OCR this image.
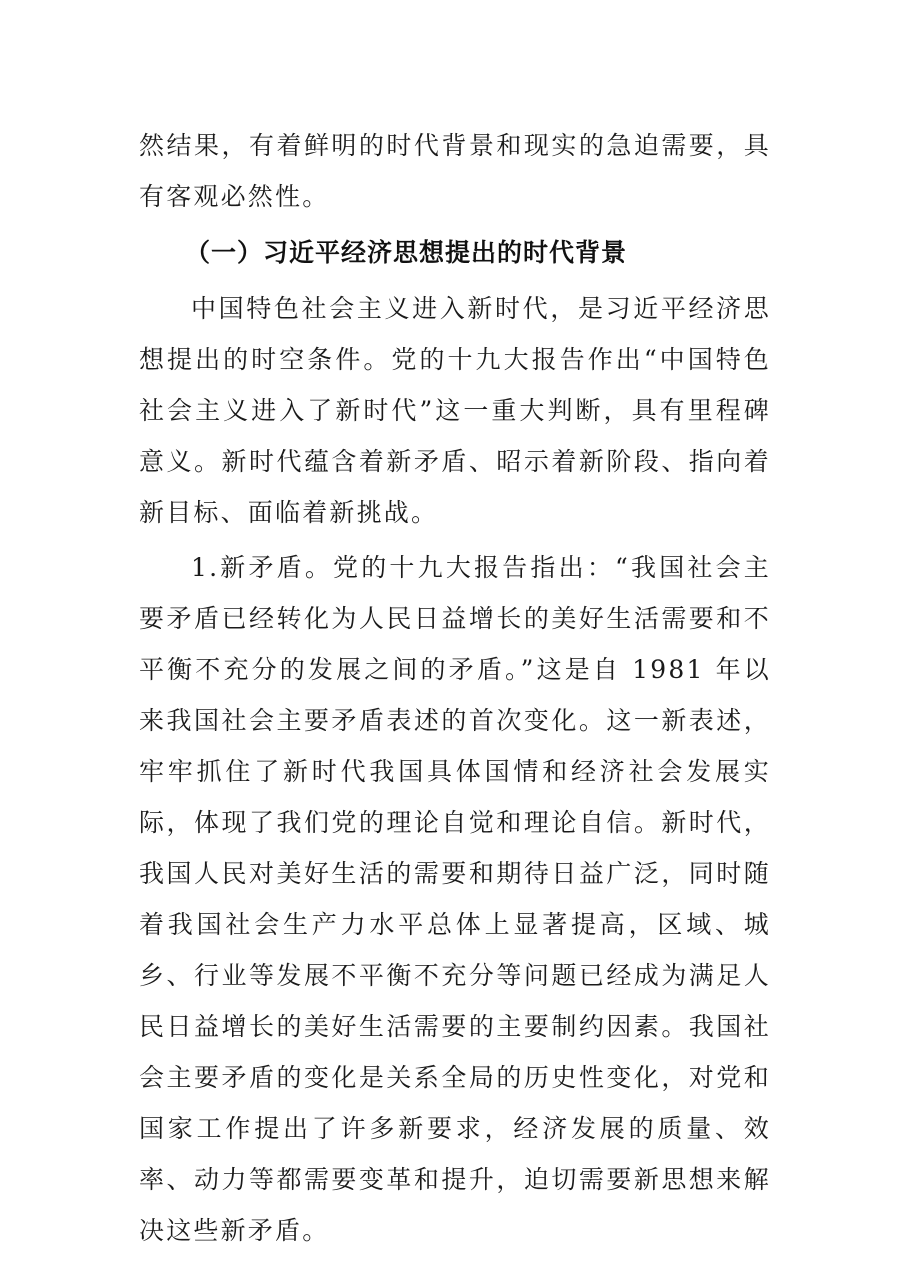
然结果，有着鲜明的时代背景和现实的急迫需要，具有客观必然性。

（一）习近平经济思想提出的时代背景

中国特色社会主义进入新时代，是习近平经济思想提出的时空条件。党的十九大报告作出“中国特色社会主义进入了新时代”这一重大判断，具有里程碑意义。新时代蕴含着新矛盾、昭示着新阶段、指向着新目标、面临着新挑战。

1.新矛盾。党的十九大报告指出：“我国社会主要矛盾已经转化为人民日益增长的美好生活需要和不平衡不充分的发展之间的矛盾。”这是自 1981 年以来我国社会主要矛盾表述的首次变化。这一新表述，牢牢抓住了新时代我国具体国情和经济社会发展实际，体现了我们党的理论自觉和理论自信。新时代，我国人民对美好生活的需要和期待日益广泛，同时随着我国社会生产力水平总体上显著提高，区域、城乡、行业等发展不平衡不充分等问题已经成为满足人民日益增长的美好生活需要的主要制约因素。我国社会主要矛盾的变化是关系全局的历史性变化，对党和国家工作提出了许多新要求，经济发展的质量、效率、动力等都需要变革和提升，迫切需要新思想来解决这些新矛盾。
